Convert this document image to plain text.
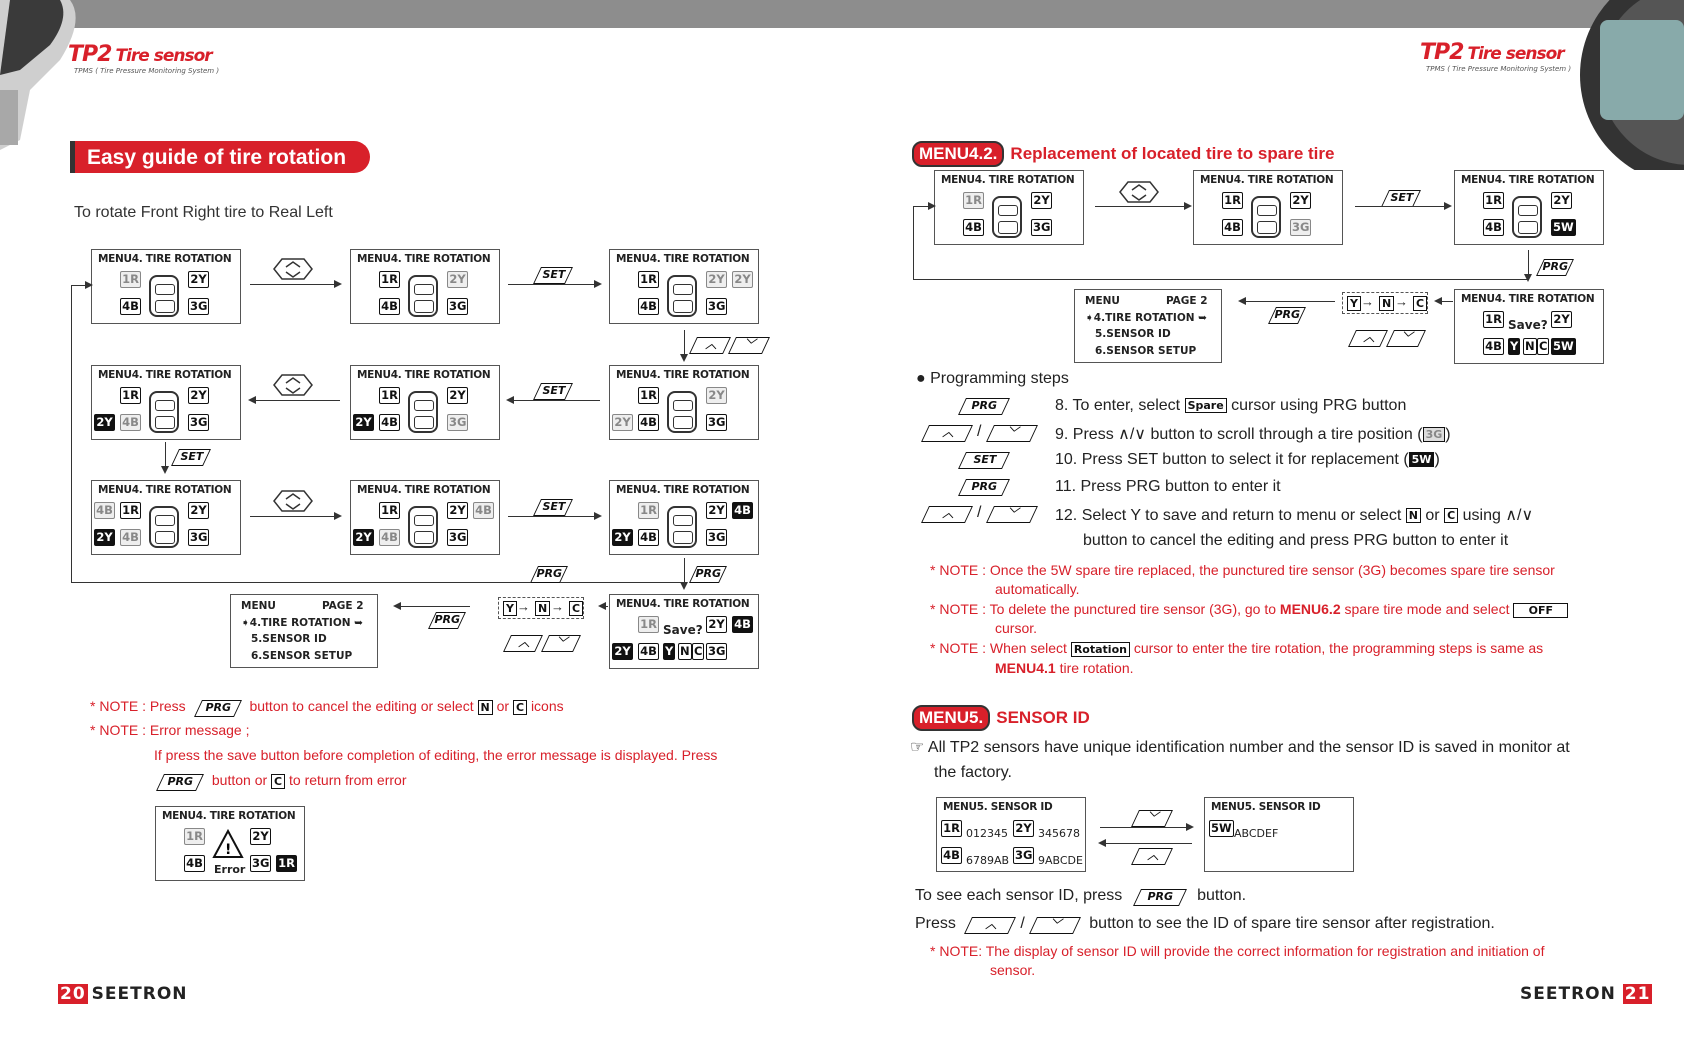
TP2 Tire sensor
TPMS ( Tire Pressure Monitoring System )
TP2 Tire sensor
TPMS ( Tire Pressure Monitoring System )
Easy guide of tire rotation
To rotate Front Right tire to Real Left
MENU4. TIRE ROTATION
1R	2Y
4B	3G
MENU4. TIRE ROTATION
1R	2Y
4B	3G
SET
MENU4. TIRE ROTATION
1R	2Y 2Y
4B	3G
︿	﹀
MENU4. TIRE ROTATION
1R	2Y
2Y 4B	3G
MENU4. TIRE ROTATION
1R	2Y
2Y 4B	3G
SET
MENU4. TIRE ROTATION
1R	2Y
2Y 4B	3G
SET
MENU4. TIRE ROTATION
4B 1R	2Y
2Y 4B	3G
MENU4. TIRE ROTATION
1R	2Y 4B
2Y 4B	3G
SET
MENU4. TIRE ROTATION
1R	2Y 4B
2Y 4B	3G
PRG	PRG
MENU	PAGE 2
➧4.TIRE ROTATION ➥
5.SENSOR ID
6.SENSOR SETUP
PRG
Y → N → C
︿	﹀
MENU4. TIRE ROTATION
1R Save? 2Y 4B
2Y 4B Y N C 3G
* NOTE : Press PRG button to cancel the editing or select N or C icons
* NOTE : Error message ;
If press the save button before completion of editing, the error message is displayed. Press
PRG button or C to return from error
MENU4. TIRE ROTATION
1R	2Y
4B	3G 1R
!
Error
20 SEETRON
MENU4.2. Replacement of located tire to spare tire
MENU4. TIRE ROTATION
1R	2Y
4B	3G
MENU4. TIRE ROTATION
1R	2Y
4B	3G
SET
MENU4. TIRE ROTATION
1R	2Y
4B	5W
PRG
MENU	PAGE 2
➧4.TIRE ROTATION ➥
5.SENSOR ID
6.SENSOR SETUP
PRG
Y → N → C
︿	﹀
MENU4. TIRE ROTATION
1R Save? 2Y
4B Y N C 5W
● Programming steps
PRG	8. To enter, select Spare cursor using PRG button
︿	/	﹀	9. Press ∧/∨ button to scroll through a tire position ( 3G )
SET	10. Press SET button to select it for replacement ( 5W )
PRG	11. Press PRG button to enter it
︿	/	﹀	12. Select Y to save and return to menu or select N or C using ∧/∨
button to cancel the editing and press PRG button to enter it
* NOTE : Once the 5W spare tire replaced, the punctured tire sensor (3G) becomes spare tire sensor
automatically.
* NOTE : To delete the punctured tire sensor (3G), go to MENU6.2 spare tire mode and select OFF
cursor.
* NOTE : When select Rotation cursor to enter the tire rotation, the programming steps is same as
MENU4.1 tire rotation.
MENU5. SENSOR ID
☞ All TP2 sensors have unique identification number and the sensor ID is saved in monitor at
the factory.
MENU5. SENSOR ID
1R 012345 2Y 345678
4B 6789AB 3G 9ABCDE
﹀
︿
MENU5. SENSOR ID
5W ABCDEF
To see each sensor ID, press PRG button.
Press	︿ / ﹀ button to see the ID of spare tire sensor after registration.
* NOTE: The display of sensor ID will provide the correct information for registration and initiation of
sensor.
SEETRON 21
